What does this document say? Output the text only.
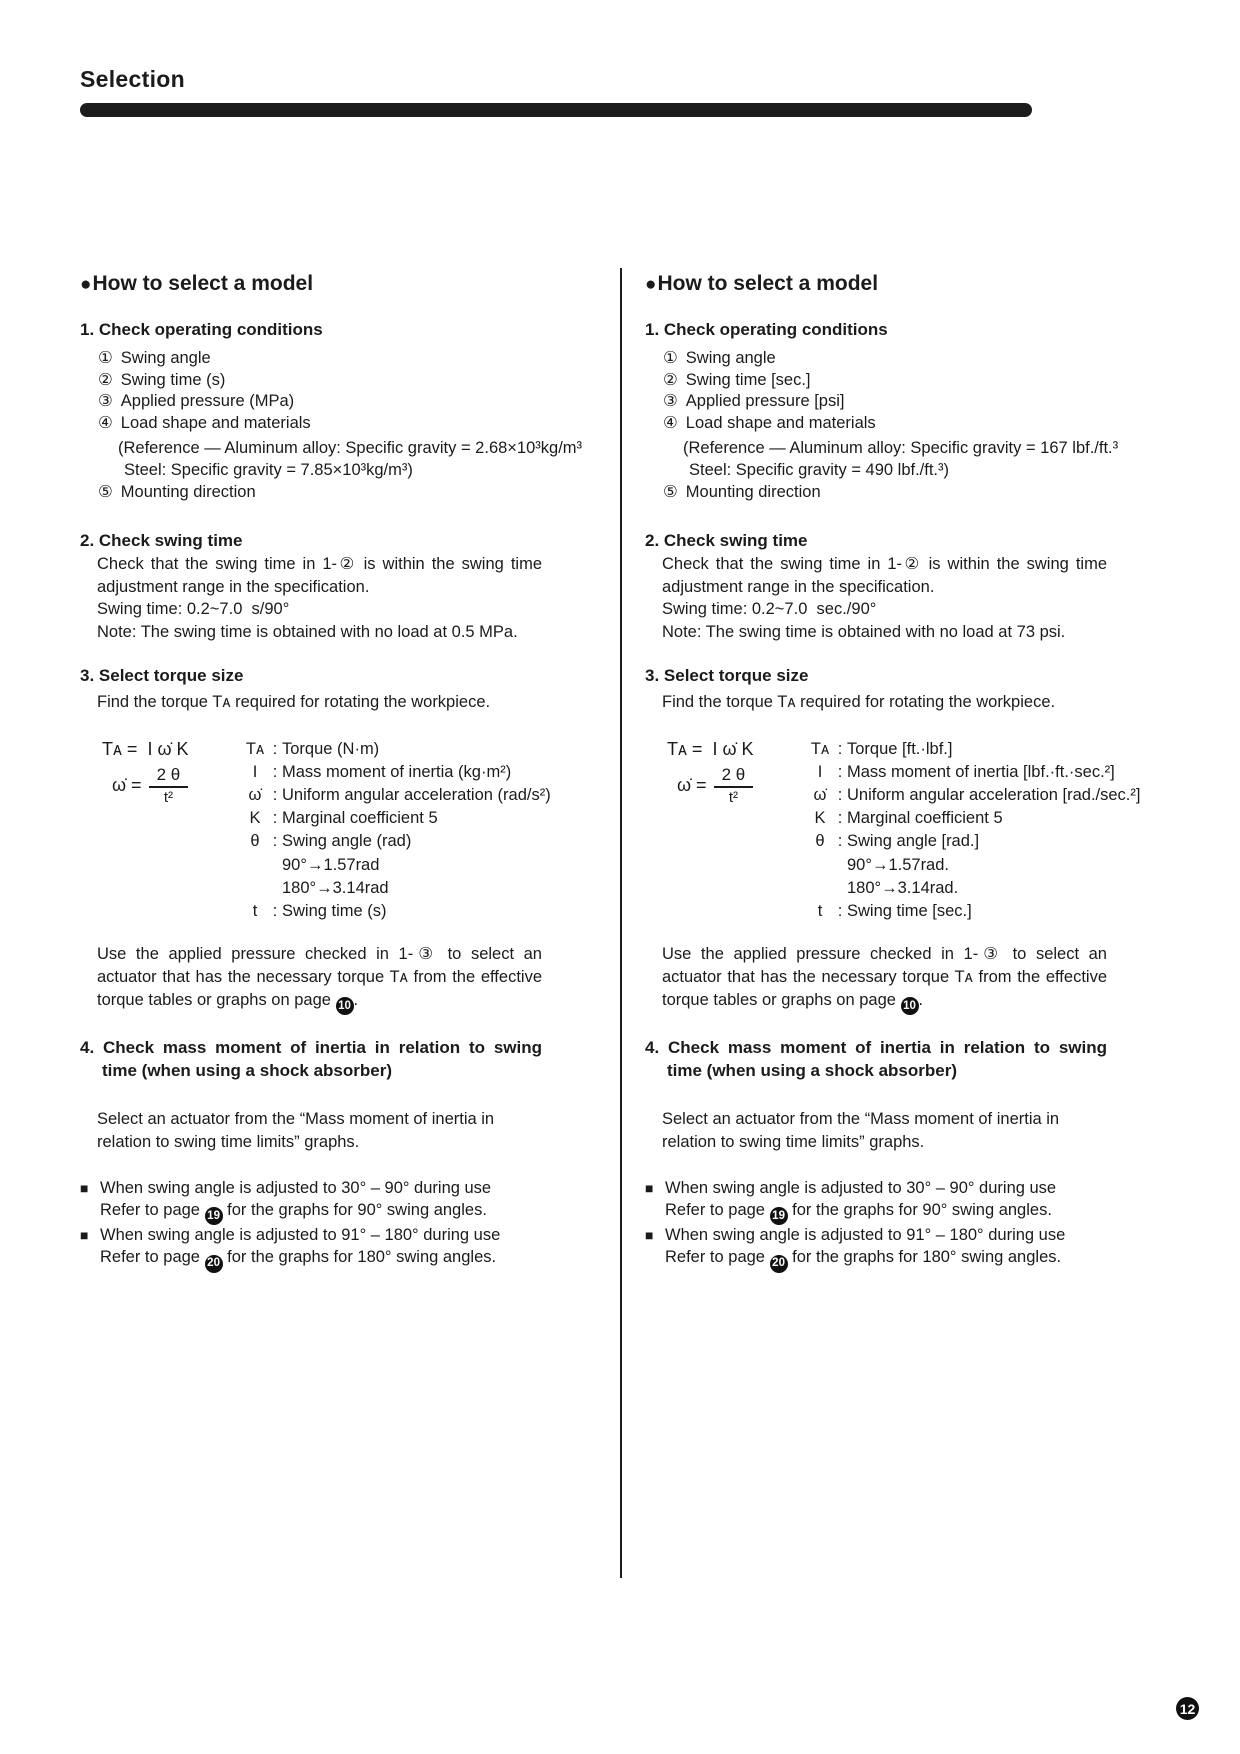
Selection
●How to select a model
1. Check operating conditions
① Swing angle
② Swing time (s)
③ Applied pressure (MPa)
④ Load shape and materials
(Reference — Aluminum alloy: Specific gravity = 2.68×10³kg/m³
Steel: Specific gravity = 7.85×10³kg/m³)
⑤ Mounting direction
2. Check swing time

Check that the swing time in 1-② is within the swing time adjustment range in the specification.

Swing time: 0.2~7.0  s/90°

Note: The swing time is obtained with no load at 0.5 MPa.

3. Select torque size

Find the torque Tᴀ required for rotating the workpiece.

Tᴀ =  I ω̇ K
ω̇ = $\frac{2 \theta}{\text{t²}}$
Tᴀ : Torque (N·m)
I : Mass moment of inertia (kg·m²)
ω̇ : Uniform angular acceleration (rad/s²)
K : Marginal coefficient 5
θ : Swing angle (rad)
90°→1.57rad
180°→3.14rad
t : Swing time (s)

Use the applied pressure checked in 1-③ to select an actuator that has the necessary torque Tᴀ from the effective torque tables or graphs on page 10 .

4. Check mass moment of inertia in relation to swing time (when using a shock absorber)

Select an actuator from the “Mass moment of inertia in relation to swing time limits” graphs.

■ When swing angle is adjusted to 30° – 90° during use
Refer to page 19 for the graphs for 90° swing angles.
■ When swing angle is adjusted to 91° – 180° during use
Refer to page 20 for the graphs for 180° swing angles.
●How to select a model
1. Check operating conditions
① Swing angle
② Swing time [sec.]
③ Applied pressure [psi]
④ Load shape and materials
(Reference — Aluminum alloy: Specific gravity = 167 lbf./ft.³
Steel: Specific gravity = 490 lbf./ft.³)
⑤ Mounting direction
2. Check swing time

Check that the swing time in 1-② is within the swing time adjustment range in the specification.

Swing time: 0.2~7.0  sec./90°

Note: The swing time is obtained with no load at 73 psi.

3. Select torque size

Find the torque Tᴀ required for rotating the workpiece.

Tᴀ =  I ω̇ K
ω̇ = $\frac{2 \theta}{\text{t²}}$
Tᴀ : Torque [ft.·lbf.]
I : Mass moment of inertia [lbf.·ft.·sec.²]
ω̇ : Uniform angular acceleration [rad./sec.²]
K : Marginal coefficient 5
θ : Swing angle [rad.]
90°→1.57rad.
180°→3.14rad.
t : Swing time [sec.]

Use the applied pressure checked in 1-③ to select an actuator that has the necessary torque Tᴀ from the effective torque tables or graphs on page 10 .

4. Check mass moment of inertia in relation to swing time (when using a shock absorber)

Select an actuator from the “Mass moment of inertia in relation to swing time limits” graphs.

■ When swing angle is adjusted to 30° – 90° during use
Refer to page 19 for the graphs for 90° swing angles.
■ When swing angle is adjusted to 91° – 180° during use
Refer to page 20 for the graphs for 180° swing angles.
12
